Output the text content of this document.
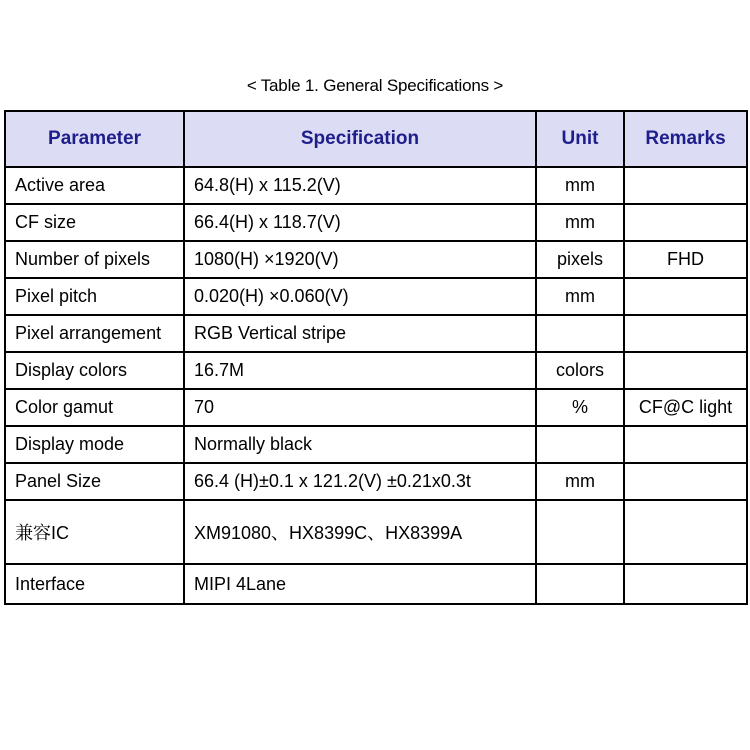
< Table 1. General Specifications >
Parameter	Specification	Unit	Remarks
Active area	64.8(H) x 115.2(V)	mm	
CF size	66.4(H) x 118.7(V)	mm	
Number of pixels	1080(H) ×1920(V)	pixels	FHD
Pixel pitch	0.020(H) ×0.060(V)	mm	
Pixel arrangement	RGB Vertical stripe		
Display colors	16.7M	colors	
Color gamut	70	%	CF@C light
Display mode	Normally black		
Panel Size	66.4 (H)±0.1 x 121.2(V) ±0.21x0.3t	mm	
兼容IC	XM91080、HX8399C、HX8399A		
Interface	MIPI 4Lane		
